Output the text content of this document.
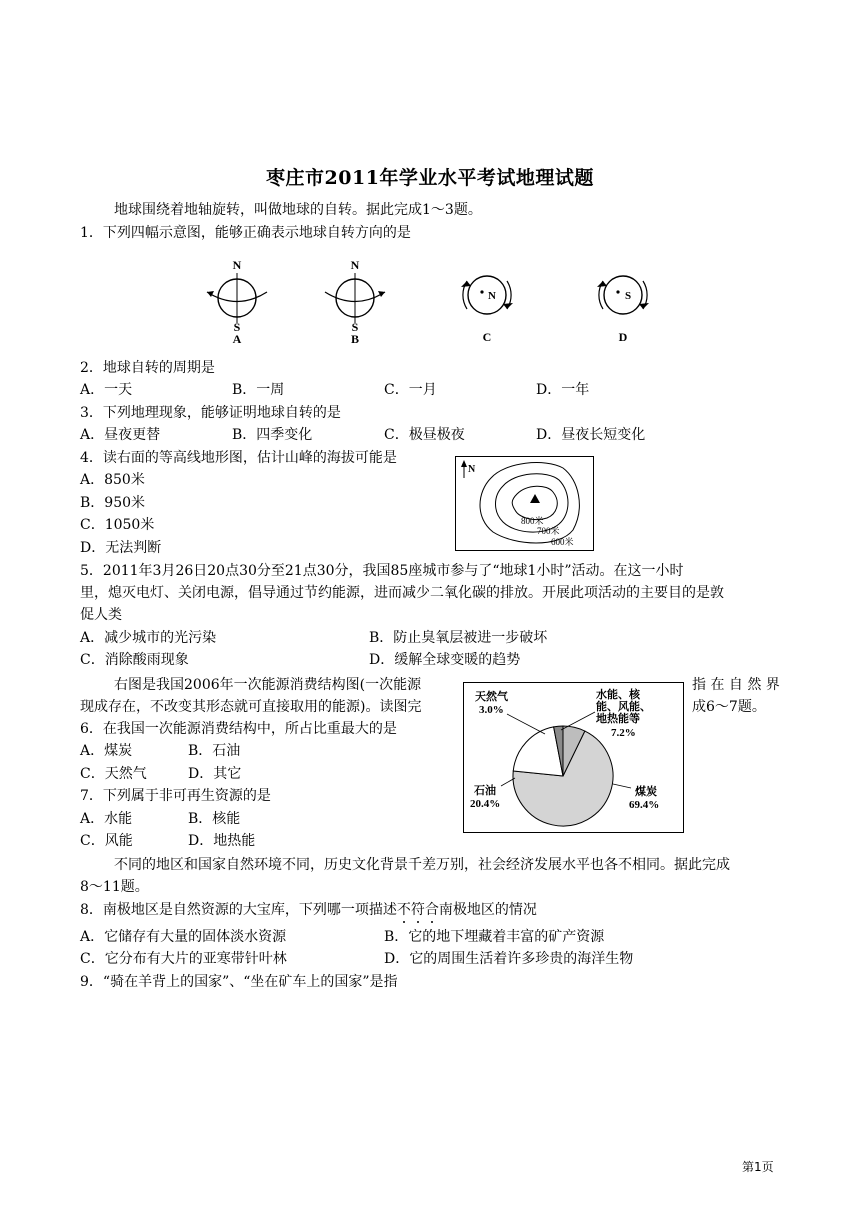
枣庄市2011年学业水平考试地理试题
地球围绕着地轴旋转，叫做地球的自转。据此完成1～3题。
1．下列四幅示意图，能够正确表示地球自转方向的是
N
S
A
N
S
B
N
C
S
D
2．地球自转的周期是
A．一天	B．一周	C．一月	D．一年
3．下列地理现象，能够证明地球自转的是
A．昼夜更替	B．四季变化	C．极昼极夜	D．昼夜长短变化
4．读右面的等高线地形图，估计山峰的海拔可能是
A．850米
B．950米
C．1050米
D．无法判断
N
800米
700米
600米
5．2011年3月26日20点30分至21点30分，我国85座城市参与了“地球1小时”活动。在这一小时
里，熄灭电灯、关闭电源，倡导通过节约能源，进而减少二氧化碳的排放。开展此项活动的主要目的是敦
促人类
A．减少城市的光污染	B．防止臭氧层被进一步破坏
C．消除酸雨现象	D．缓解全球变暖的趋势
右图是我国2006年一次能源消费结构图(一次能源	指 在 自 然 界
现成存在，不改变其形态就可直接取用的能源)。读图完	成6～7题。
6．在我国一次能源消费结构中，所占比重最大的是
A．煤炭	B．石油
C．天然气	D．其它
7．下列属于非可再生资源的是
A．水能	B．核能
C．风能	D．地热能
天然气
3.0%
水能、核
能、风能、
地热能等
7.2%
石油
20.4%
煤炭
69.4%
不同的地区和国家自然环境不同，历史文化背景千差万别，社会经济发展水平也各不相同。据此完成
8～11题。
8．南极地区是自然资源的大宝库，下列哪一项描述不符合南极地区的情况
A．它储存有大量的固体淡水资源	B．它的地下埋藏着丰富的矿产资源
C．它分布有大片的亚寒带针叶林	D．它的周围生活着许多珍贵的海洋生物
9．“骑在羊背上的国家”、“坐在矿车上的国家”是指
第1页
